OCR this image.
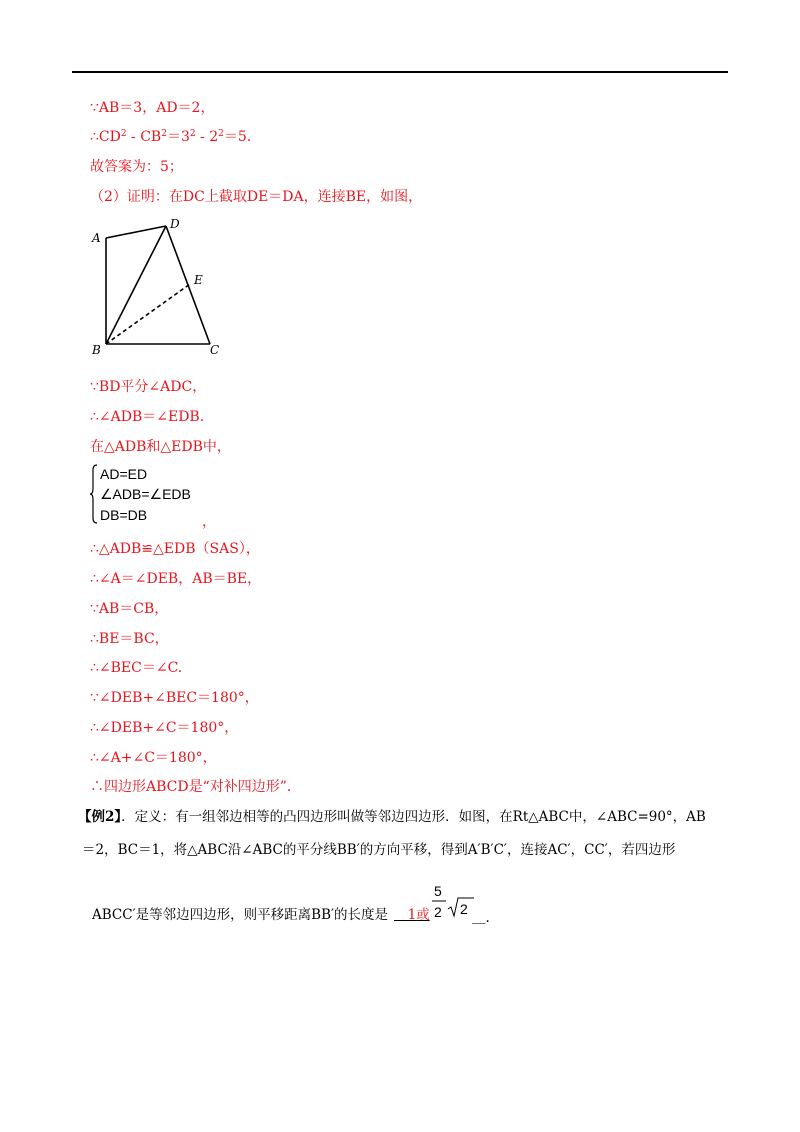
∵AB＝3，AD＝2，
$\therefore CD^2 - CB^2=3^2 - 2^2=5$.
故答案为：5；
（2）证明：在DC上截取DE＝DA，连接BE，如图，
A
D
E
B	C
∵BD平分∠ADC，
∴∠ADB＝∠EDB.
在△ADB和△EDB中，
AD=ED
∠ADB=∠EDB
DB=DB	，
∴△ADB≌△EDB（SAS），
∴∠A＝∠DEB，AB＝BE，
∵AB＝CB，
∴BE＝BC，
∴∠BEC＝∠C.
∵∠DEB+∠BEC＝180°，
∴∠DEB+∠C＝180°，
∴∠A+∠C＝180°，
∴四边形ABCD是“对补四边形”．
【例2】．定义：有一组邻边相等的凸四边形叫做等邻边四边形．如图，在Rt△ABC中，∠ABC=90°，AB
＝2，BC＝1，将△ABC沿∠ABC的平分线BB′的方向平移，得到A′B′C′，连接AC′，CC′，若四边形
ABCC′是等邻边四边形，则平移距离BB′的长度是 ＿1或
5
2 2
＿.
